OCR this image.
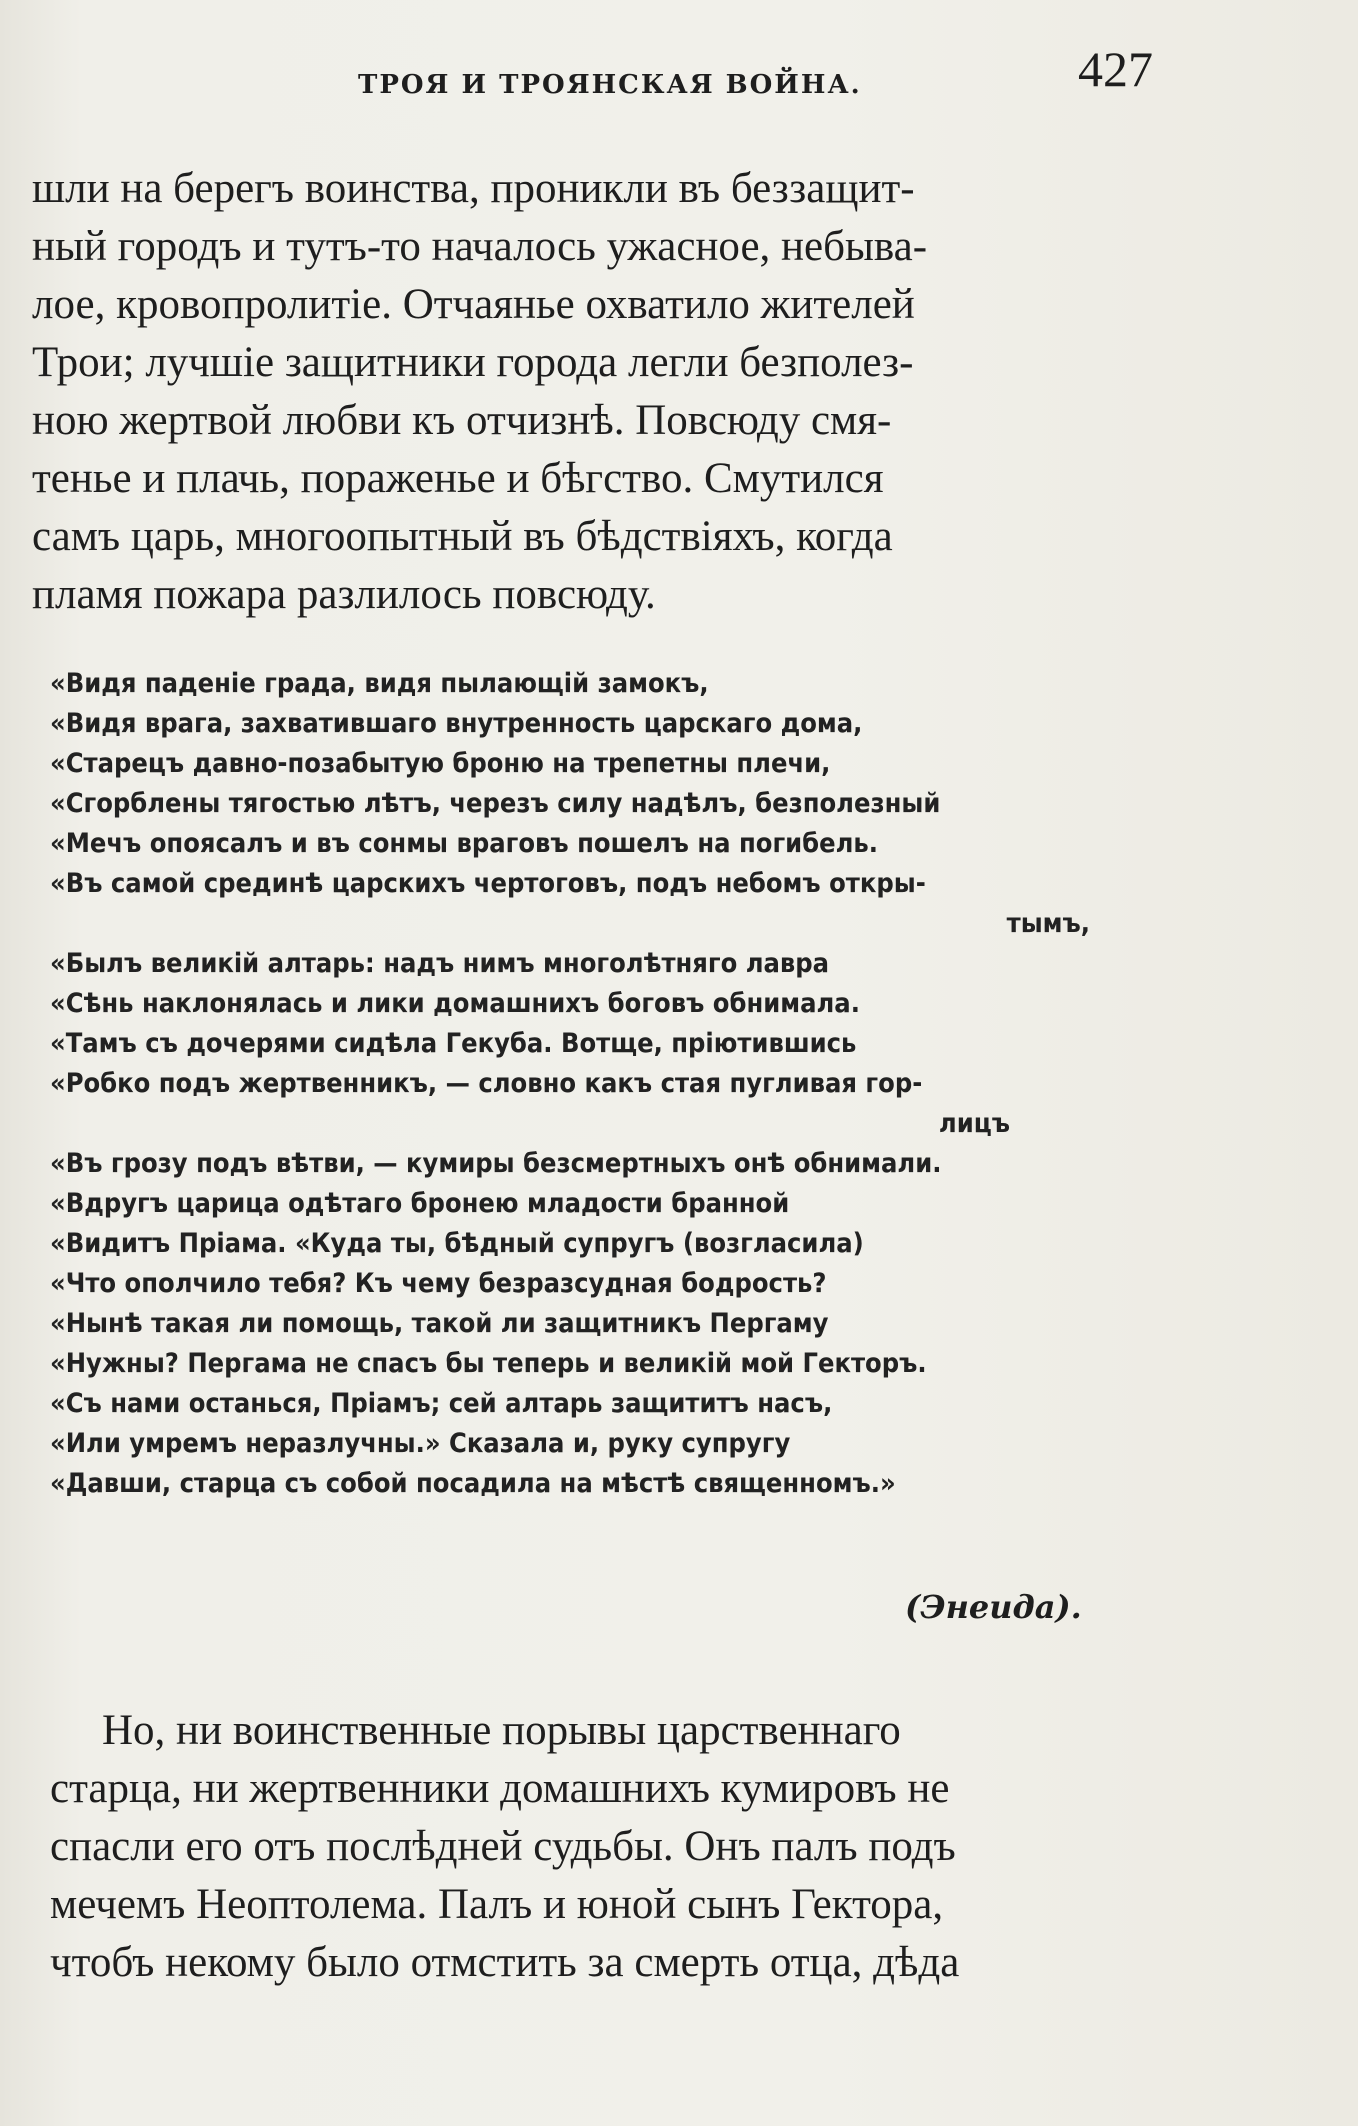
ТРОЯ И ТРОЯНСКАЯ ВОЙНА.	427
шли на берегъ воинства, проникли въ беззащит-
ный городъ и тутъ-то началось ужасное, небыва-
лое, кровопролитіе. Отчаянье охватило жителей
Трои; лучшіе защитники города легли безполез-
ною жертвой любви къ отчизнѣ. Повсюду смя-
тенье и плачь, пораженье и бѣгство. Смутился
самъ царь, многоопытный въ бѣдствіяхъ, когда
пламя пожара разлилось повсюду.
«Видя паденіе града, видя пылающій замокъ,
«Видя врага, захватившаго внутренность царскаго дома,
«Старецъ давно-позабытую броню на трепетны плечи,
«Сгорблены тягостью лѣтъ, черезъ силу надѣлъ, безполезный
«Мечъ опоясалъ и въ сонмы враговъ пошелъ на погибель.
«Въ самой срединѣ царскихъ чертоговъ, подъ небомъ откры-
тымъ,
«Былъ великій алтарь: надъ нимъ многолѣтняго лавра
«Сѣнь наклонялась и лики домашнихъ боговъ обнимала.
«Тамъ съ дочерями сидѣла Гекуба. Вотще, пріютившись
«Робко подъ жертвенникъ, — словно какъ стая пугливая гор-
лицъ
«Въ грозу подъ вѣтви, — кумиры безсмертныхъ онѣ обнимали.
«Вдругъ царица одѣтаго бронею младости бранной
«Видитъ Пріама. «Куда ты, бѣдный супругъ (возгласила)
«Что ополчило тебя? Къ чему безразсудная бодрость?
«Нынѣ такая ли помощь, такой ли защитникъ Пергаму
«Нужны? Пергама не спасъ бы теперь и великій мой Гекторъ.
«Съ нами останься, Пріамъ; сей алтарь защититъ насъ,
«Или умремъ неразлучны.» Сказала и, руку супругу
«Давши, старца съ собой посадила на мѣстѣ священномъ.»
(Энеида).
Но, ни воинственные порывы царственнаго
старца, ни жертвенники домашнихъ кумировъ не
спасли его отъ послѣдней судьбы. Онъ палъ подъ
мечемъ Неоптолема. Палъ и юной сынъ Гектора,
чтобъ некому было отмстить за смерть отца, дѣда
